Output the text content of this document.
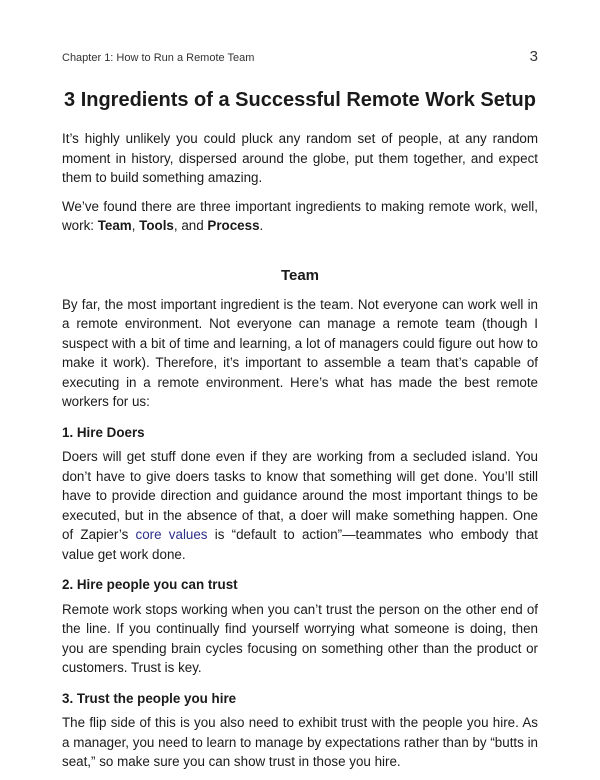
Chapter 1: How to Run a Remote Team	3
3 Ingredients of a Successful Remote Work Setup

It’s highly unlikely you could pluck any random set of people, at any random moment in history, dispersed around the globe, put them together, and expect them to build something amazing.

We’ve found there are three important ingredients to making remote work, well, work: Team, Tools, and Process.

Team

By far, the most important ingredient is the team. Not everyone can work well in a remote environment. Not everyone can manage a remote team (though I suspect with a bit of time and learning, a lot of managers could figure out how to make it work). Therefore, it’s important to assemble a team that’s capable of executing in a remote environment. Here’s what has made the best remote workers for us:

1. Hire Doers

Doers will get stuff done even if they are working from a secluded island. You don’t have to give doers tasks to know that something will get done. You’ll still have to provide direction and guidance around the most important things to be executed, but in the absence of that, a doer will make something happen. One of Zapier’s core values is “default to action”—teammates who embody that value get work done.

2. Hire people you can trust

Remote work stops working when you can’t trust the person on the other end of the line. If you continually find yourself worrying what someone is doing, then you are spending brain cycles focusing on something other than the product or customers. Trust is key.

3. Trust the people you hire

The flip side of this is you also need to exhibit trust with the people you hire. As a manager, you need to learn to manage by expectations rather than by “butts in seat,” so make sure you can show trust in those you hire.
